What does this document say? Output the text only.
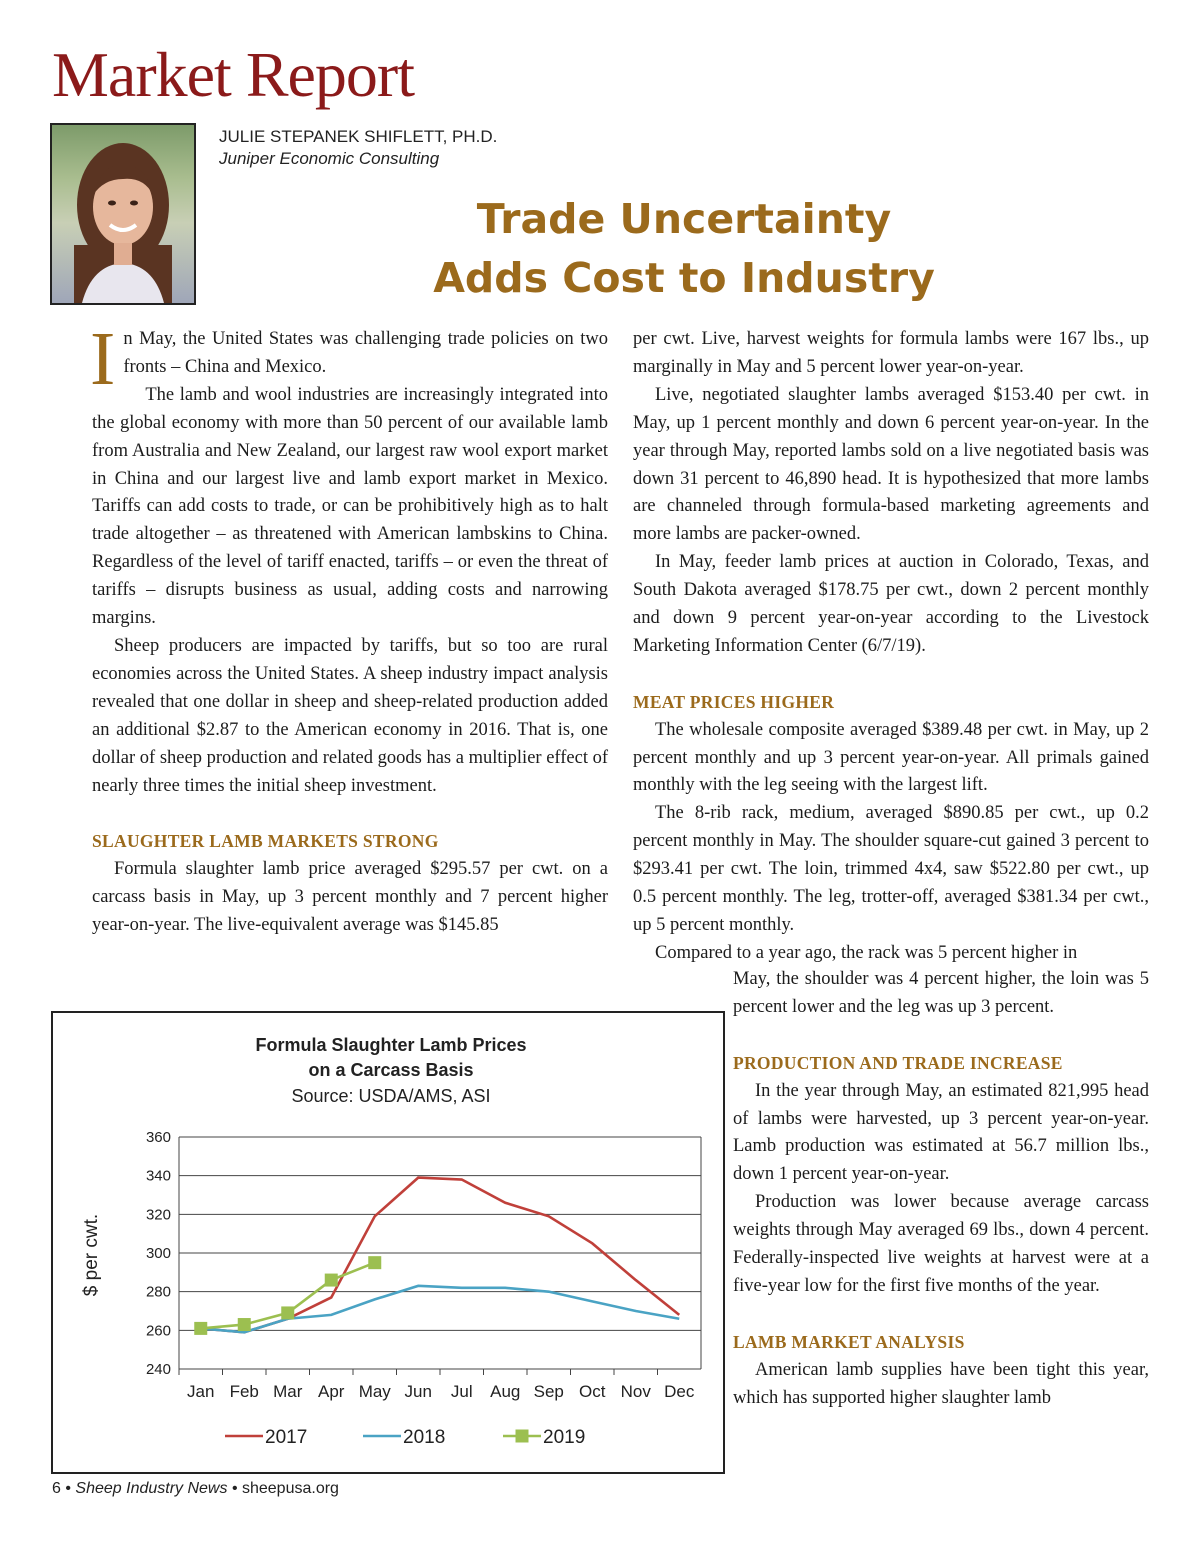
Market Report
JULIE STEPANEK SHIFLETT, PH.D.
Juniper Economic Consulting
Trade Uncertainty
Adds Cost to Industry

In May, the United States was challenging trade policies on two fronts – China and Mexico.

The lamb and wool industries are increasingly integrated into the global economy with more than 50 percent of our available lamb from Australia and New Zealand, our largest raw wool export market in China and our largest live and lamb export market in Mexico. Tariffs can add costs to trade, or can be prohibitively high as to halt trade altogether – as threatened with American lambskins to China. Regardless of the level of tariff enacted, tariffs – or even the threat of tariffs – disrupts business as usual, adding costs and narrowing margins.

Sheep producers are impacted by tariffs, but so too are rural economies across the United States. A sheep industry impact analysis revealed that one dollar in sheep and sheep-related production added an additional $2.87 to the American economy in 2016. That is, one dollar of sheep production and related goods has a multiplier effect of nearly three times the initial sheep investment.

SLAUGHTER LAMB MARKETS STRONG

Formula slaughter lamb price averaged $295.57 per cwt. on a carcass basis in May, up 3 percent monthly and 7 percent higher year-on-year. The live-equivalent average was $145.85

per cwt. Live, harvest weights for formula lambs were 167 lbs., up marginally in May and 5 percent lower year-on-year.

Live, negotiated slaughter lambs averaged $153.40 per cwt. in May, up 1 percent monthly and down 6 percent year-on-year. In the year through May, reported lambs sold on a live negotiated basis was down 31 percent to 46,890 head. It is hypothesized that more lambs are channeled through formula-based marketing agreements and more lambs are packer-owned.

In May, feeder lamb prices at auction in Colorado, Texas, and South Dakota averaged $178.75 per cwt., down 2 percent monthly and down 9 percent year-on-year according to the Livestock Marketing Information Center (6/7/19).

MEAT PRICES HIGHER

The wholesale composite averaged $389.48 per cwt. in May, up 2 percent monthly and up 3 percent year-on-year. All primals gained monthly with the leg seeing with the largest lift.

The 8-rib rack, medium, averaged $890.85 per cwt., up 0.2 percent monthly in May. The shoulder square-cut gained 3 percent to $293.41 per cwt. The loin, trimmed 4x4, saw $522.80 per cwt., up 0.5 percent monthly. The leg, trotter-off, averaged $381.34 per cwt., up 5 percent monthly.

Compared to a year ago, the rack was 5 percent higher in

May, the shoulder was 4 percent higher, the loin was 5 percent lower and the leg was up 3 percent.

PRODUCTION AND TRADE INCREASE

In the year through May, an estimated 821,995 head of lambs were harvested, up 3 percent year-on-year. Lamb production was estimated at 56.7 million lbs., down 1 percent year-on-year.

Production was lower because average carcass weights through May averaged 69 lbs., down 4 percent. Federally-inspected live weights at harvest were at a five-year low for the first five months of the year.

LAMB MARKET ANALYSIS

American lamb supplies have been tight this year, which has supported higher slaughter lamb

Formula Slaughter Lamb Prices
on a Carcass Basis
Source: USDA/AMS, ASI
$ per cwt.
240
260
280
300
320
340
360
Jan Feb Mar Apr May Jun Jul Aug Sep Oct Nov Dec
2017	2018	2019
6 • Sheep Industry News • sheepusa.org
